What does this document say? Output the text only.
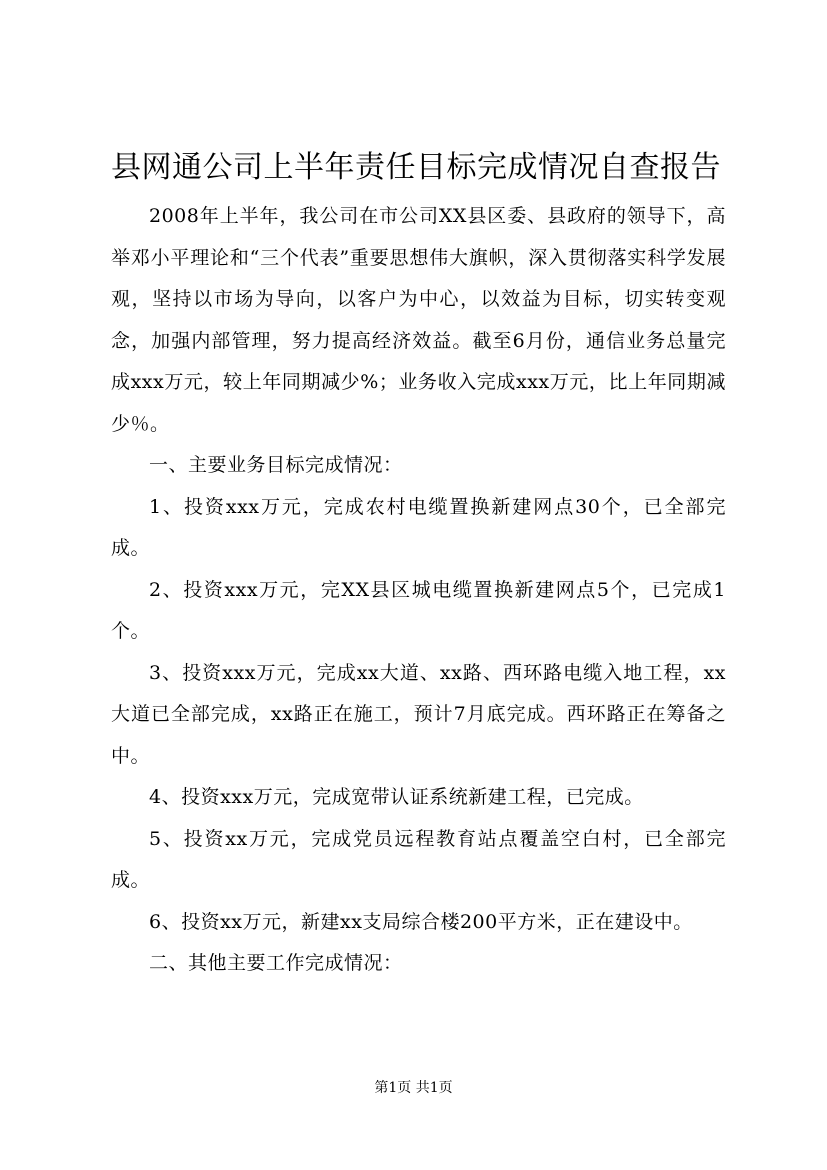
县网通公司上半年责任目标完成情况自查报告

2008年上半年，我公司在市公司XX县区委、县政府的领导下，高举邓小平理论和“三个代表”重要思想伟大旗帜，深入贯彻落实科学发展观，坚持以市场为导向，以客户为中心，以效益为目标，切实转变观念，加强内部管理，努力提高经济效益。截至6月份，通信业务总量完成xxx万元，较上年同期减少%；业务收入完成xxx万元，比上年同期减少％。

一、主要业务目标完成情况：

1、投资xxx万元，完成农村电缆置换新建网点30个，已全部完成。

2、投资xxx万元，完XX县区城电缆置换新建网点5个，已完成1个。

3、投资xxx万元，完成xx大道、xx路、西环路电缆入地工程，xx大道已全部完成，xx路正在施工，预计7月底完成。西环路正在筹备之中。

4、投资xxx万元，完成宽带认证系统新建工程，已完成。

5、投资xx万元，完成党员远程教育站点覆盖空白村，已全部完成。

6、投资xx万元，新建xx支局综合楼200平方米，正在建设中。

二、其他主要工作完成情况：

第1页 共1页
